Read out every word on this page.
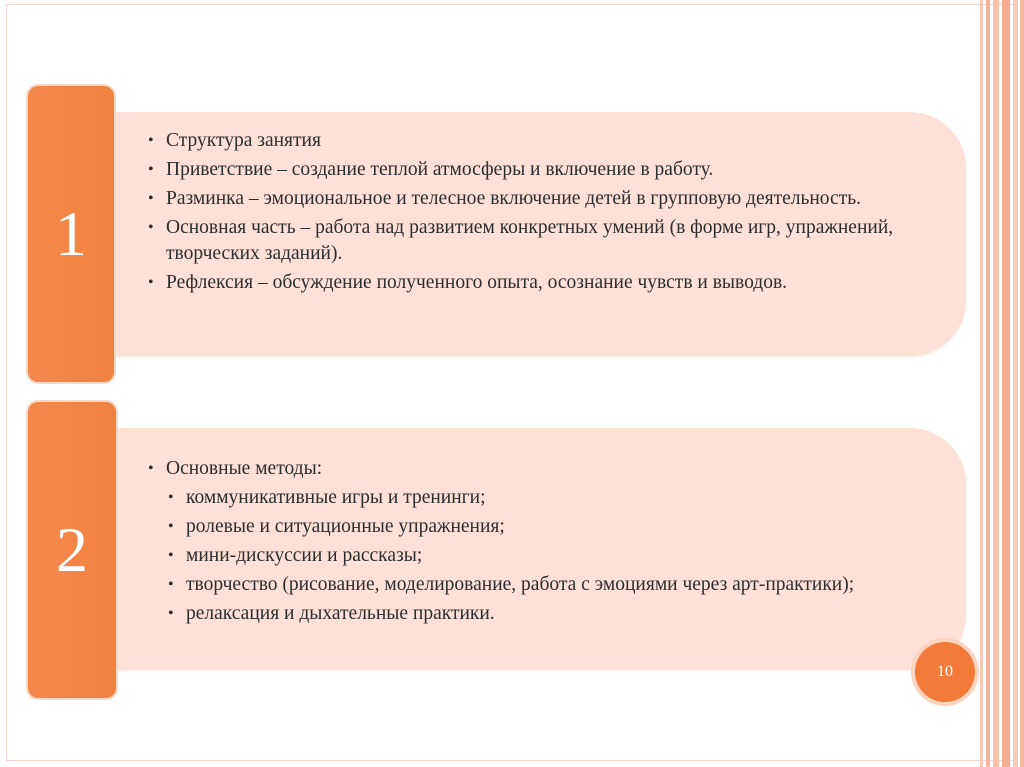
1
• Структура занятия
• Приветствие – создание теплой атмосферы и включение в работу.
• Разминка – эмоциональное и телесное включение детей в групповую деятельность.
• Основная часть – работа над развитием конкретных умений (в форме игр, упражнений, творческих заданий).
• Рефлексия – обсуждение полученного опыта, осознание чувств и выводов.
2
• Основные методы:
• коммуникативные игры и тренинги;
• ролевые и ситуационные упражнения;
• мини-дискуссии и рассказы;
• творчество (рисование, моделирование, работа с эмоциями через арт-практики);
• релаксация и дыхательные практики.
10
